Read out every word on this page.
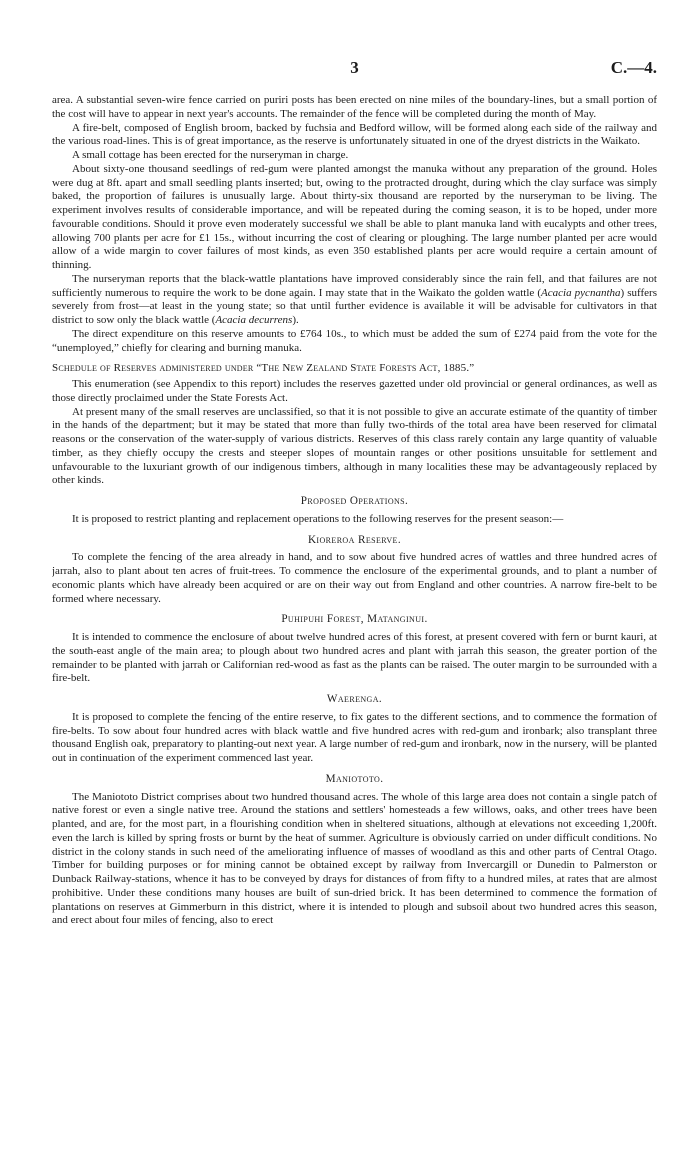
3	C.—4.

area. A substantial seven-wire fence carried on puriri posts has been erected on nine miles of the boundary-lines, but a small portion of the cost will have to appear in next year's accounts. The remainder of the fence will be completed during the month of May.

A fire-belt, composed of English broom, backed by fuchsia and Bedford willow, will be formed along each side of the railway and the various road-lines. This is of great importance, as the reserve is unfortunately situated in one of the dryest districts in the Waikato.

A small cottage has been erected for the nurseryman in charge.

About sixty-one thousand seedlings of red-gum were planted amongst the manuka without any preparation of the ground. Holes were dug at 8ft. apart and small seedling plants inserted; but, owing to the protracted drought, during which the clay surface was simply baked, the proportion of failures is unusually large. About thirty-six thousand are reported by the nurseryman to be living. The experiment involves results of considerable importance, and will be repeated during the coming season, it is to be hoped, under more favourable conditions. Should it prove even moderately successful we shall be able to plant manuka land with eucalypts and other trees, allowing 700 plants per acre for £1 15s., without incurring the cost of clearing or ploughing. The large number planted per acre would allow of a wide margin to cover failures of most kinds, as even 350 established plants per acre would require a certain amount of thinning.

The nurseryman reports that the black-wattle plantations have improved considerably since the rain fell, and that failures are not sufficiently numerous to require the work to be done again. I may state that in the Waikato the golden wattle (Acacia pycnantha) suffers severely from frost—at least in the young state; so that until further evidence is available it will be advisable for cultivators in that district to sow only the black wattle (Acacia decurrens).

The direct expenditure on this reserve amounts to £764 10s., to which must be added the sum of £274 paid from the vote for the “unemployed,” chiefly for clearing and burning manuka.

Schedule of Reserves administered under “The New Zealand State Forests Act, 1885.”

This enumeration (see Appendix to this report) includes the reserves gazetted under old provincial or general ordinances, as well as those directly proclaimed under the State Forests Act.

At present many of the small reserves are unclassified, so that it is not possible to give an accurate estimate of the quantity of timber in the hands of the department; but it may be stated that more than fully two-thirds of the total area have been reserved for climatal reasons or the conservation of the water-supply of various districts. Reserves of this class rarely contain any large quantity of valuable timber, as they chiefly occupy the crests and steeper slopes of mountain ranges or other positions unsuitable for settlement and unfavourable to the luxuriant growth of our indigenous timbers, although in many localities these may be advantageously replaced by other kinds.

Proposed Operations.

It is proposed to restrict planting and replacement operations to the following reserves for the present season:—

Kioreroa Reserve.

To complete the fencing of the area already in hand, and to sow about five hundred acres of wattles and three hundred acres of jarrah, also to plant about ten acres of fruit-trees. To commence the enclosure of the experimental grounds, and to plant a number of economic plants which have already been acquired or are on their way out from England and other countries. A narrow fire-belt to be formed where necessary.

Puhipuhi Forest, Matanginui.

It is intended to commence the enclosure of about twelve hundred acres of this forest, at present covered with fern or burnt kauri, at the south-east angle of the main area; to plough about two hundred acres and plant with jarrah this season, the greater portion of the remainder to be planted with jarrah or Californian red-wood as fast as the plants can be raised. The outer margin to be surrounded with a fire-belt.

Waerenga.

It is proposed to complete the fencing of the entire reserve, to fix gates to the different sections, and to commence the formation of fire-belts. To sow about four hundred acres with black wattle and five hundred acres with red-gum and ironbark; also transplant three thousand English oak, preparatory to planting-out next year. A large number of red-gum and ironbark, now in the nursery, will be planted out in continuation of the experiment commenced last year.

Maniototo.

The Maniototo District comprises about two hundred thousand acres. The whole of this large area does not contain a single patch of native forest or even a single native tree. Around the stations and settlers' homesteads a few willows, oaks, and other trees have been planted, and are, for the most part, in a flourishing condition when in sheltered situations, although at elevations not exceeding 1,200ft. even the larch is killed by spring frosts or burnt by the heat of summer. Agriculture is obviously carried on under difficult conditions. No district in the colony stands in such need of the ameliorating influence of masses of woodland as this and other parts of Central Otago. Timber for building purposes or for mining cannot be obtained except by railway from Invercargill or Dunedin to Palmerston or Dunback Railway-stations, whence it has to be conveyed by drays for distances of from fifty to a hundred miles, at rates that are almost prohibitive. Under these conditions many houses are built of sun-dried brick. It has been determined to commence the formation of plantations on reserves at Gimmerburn in this district, where it is intended to plough and subsoil about two hundred acres this season, and erect about four miles of fencing, also to erect
